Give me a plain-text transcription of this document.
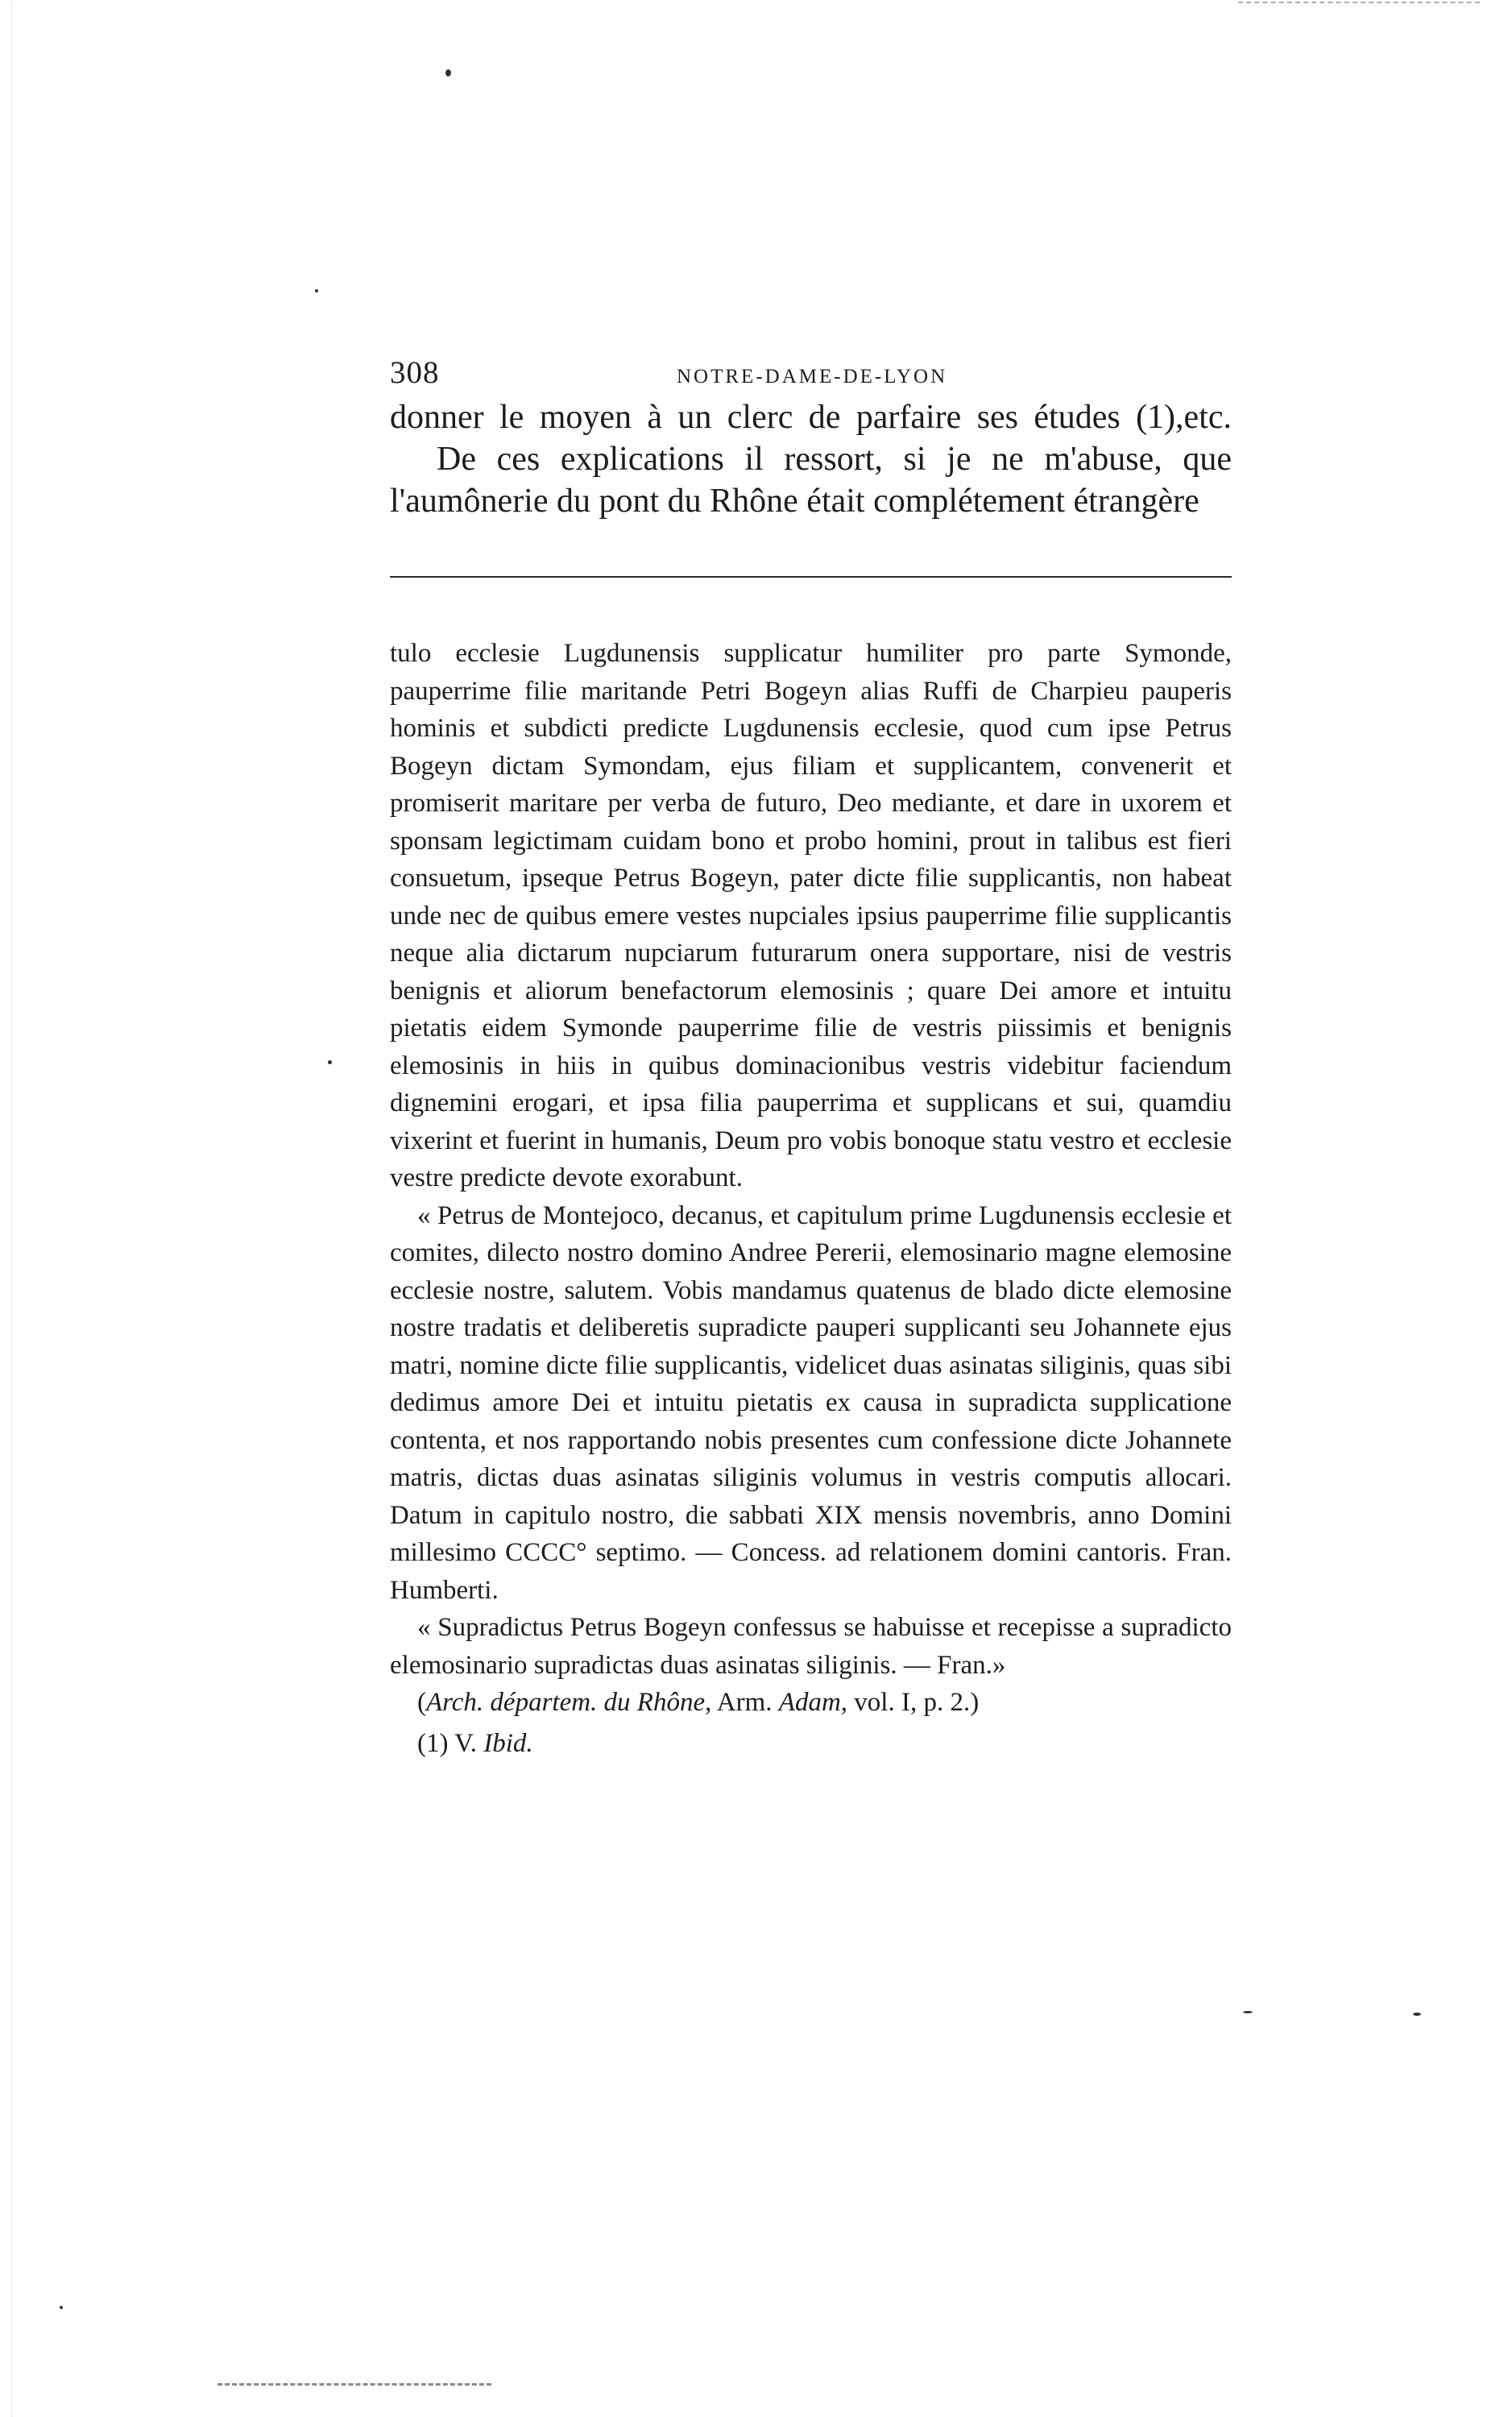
308	NOTRE-DAME-DE-LYON

donner le moyen à un clerc de parfaire ses études (1),etc.

De ces explications il ressort, si je ne m'abuse, que l'aumônerie du pont du Rhône était complétement étrangère

tulo ecclesie Lugdunensis supplicatur humiliter pro parte Symonde, pauperrime filie maritande Petri Bogeyn alias Ruffi de Charpieu pauperis hominis et subdicti predicte Lugdunensis ecclesie, quod cum ipse Petrus Bogeyn dictam Symondam, ejus filiam et supplicantem, convenerit et promiserit maritare per verba de futuro, Deo mediante, et dare in uxorem et sponsam legictimam cuidam bono et probo homini, prout in talibus est fieri consuetum, ipseque Petrus Bogeyn, pater dicte filie supplicantis, non habeat unde nec de quibus emere vestes nupciales ipsius pauperrime filie supplicantis neque alia dictarum nupciarum futurarum onera supportare, nisi de vestris benignis et aliorum benefactorum elemosinis ; quare Dei amore et intuitu pietatis eidem Symonde pauperrime filie de vestris piissimis et benignis elemosinis in hiis in quibus dominacionibus vestris videbitur faciendum dignemini erogari, et ipsa filia pauperrima et supplicans et sui, quamdiu vixerint et fuerint in humanis, Deum pro vobis bonoque statu vestro et ecclesie vestre predicte devote exorabunt.

« Petrus de Montejoco, decanus, et capitulum prime Lugdunensis ecclesie et comites, dilecto nostro domino Andree Pererii, elemosinario magne elemosine ecclesie nostre, salutem. Vobis mandamus quatenus de blado dicte elemosine nostre tradatis et deliberetis supradicte pauperi supplicanti seu Johannete ejus matri, nomine dicte filie supplicantis, videlicet duas asinatas siliginis, quas sibi dedimus amore Dei et intuitu pietatis ex causa in supradicta supplicatione contenta, et nos rapportando nobis presentes cum confessione dicte Johannete matris, dictas duas asinatas siliginis volumus in vestris computis allocari. Datum in capitulo nostro, die sabbati XIX mensis novembris, anno Domini millesimo CCCC° septimo. — Concess. ad relationem domini cantoris. Fran. Humberti.

« Supradictus Petrus Bogeyn confessus se habuisse et recepisse a supradicto elemosinario supradictas duas asinatas siliginis. — Fran.»

(Arch. départem. du Rhône, Arm. Adam, vol. I, p. 2.)

(1) V. Ibid.
